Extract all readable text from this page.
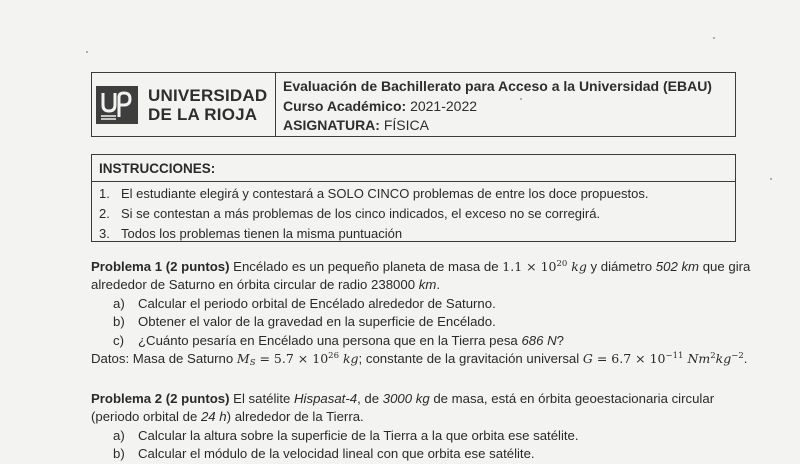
UNIVERSIDAD
DE LA RIOJA
Evaluación de Bachillerato para Acceso a la Universidad (EBAU)
Curso Académico: 2021-2022
ASIGNATURA: FÍSICA
INSTRUCCIONES:
1. El estudiante elegirá y contestará a SOLO CINCO problemas de entre los doce propuestos.
2. Si se contestan a más problemas de los cinco indicados, el exceso no se corregirá.
3. Todos los problemas tienen la misma puntuación
Problema 1 (2 puntos) Encélado es un pequeño planeta de masa de $1.1 \times 10^{20}$ kg y diámetro 502 km que gira
alrededor de Saturno en órbita circular de radio 238000 km.
a)	Calcular el periodo orbital de Encélado alrededor de Saturno.
b)	Obtener el valor de la gravedad en la superficie de Encélado.
c)	¿Cuánto pesaría en Encélado una persona que en la Tierra pesa 686 N?
Datos: Masa de Saturno $M_S = 5.7 \times 10^{26}$ kg; constante de la gravitación universal $G = 6.7 \times 10^{-11}$ $Nm^2kg^{-2}$.
Problema 2 (2 puntos) El satélite Hispasat-4, de 3000 kg de masa, está en órbita geoestacionaria circular
(periodo orbital de 24 h) alrededor de la Tierra.
a)	Calcular la altura sobre la superficie de la Tierra a la que orbita ese satélite.
b)	Calcular el módulo de la velocidad lineal con que orbita ese satélite.
